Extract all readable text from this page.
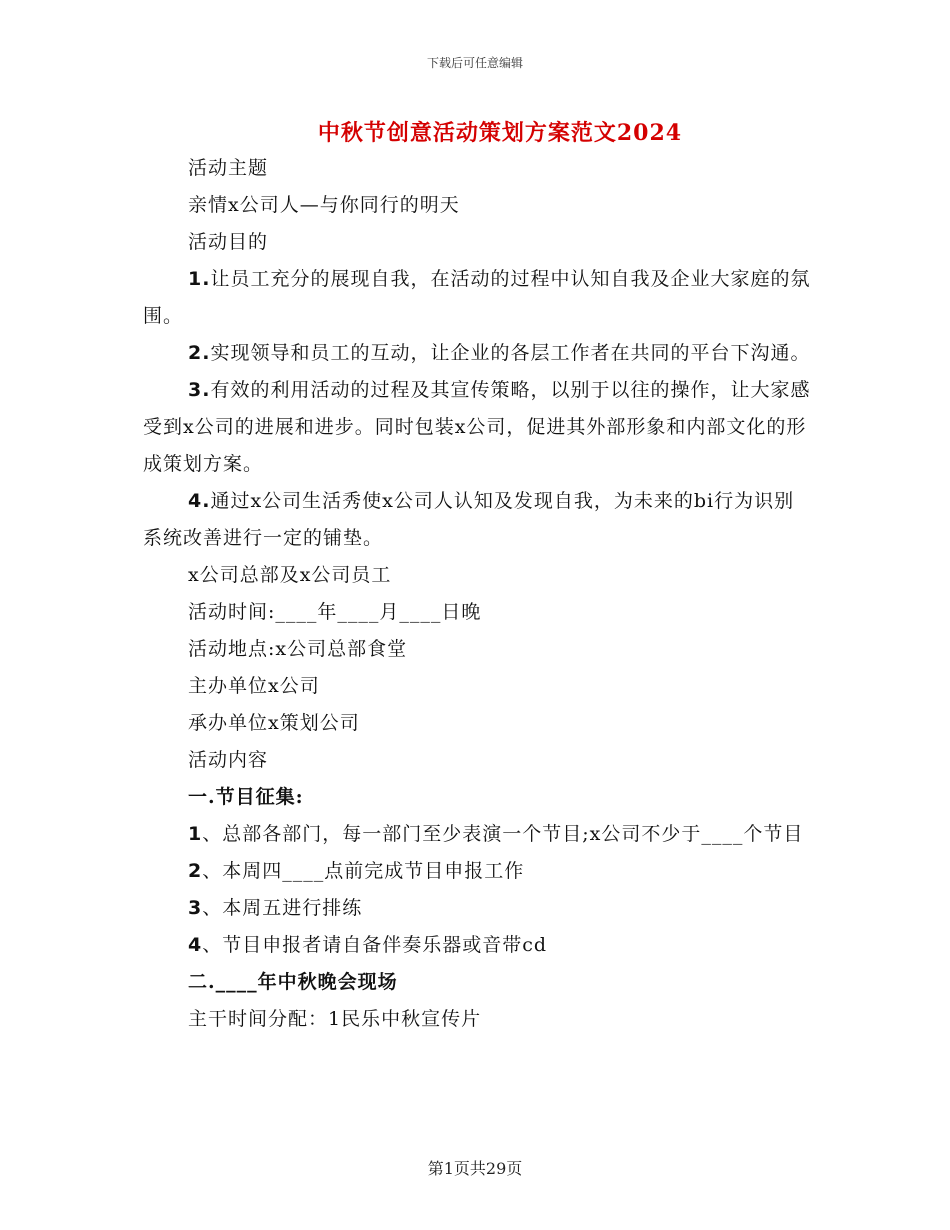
下载后可任意编辑
中秋节创意活动策划方案范文2024

活动主题

亲情x公司人—与你同行的明天

活动目的

1.让员工充分的展现自我，在活动的过程中认知自我及企业大家庭的氛围。

2.实现领导和员工的互动，让企业的各层工作者在共同的平台下沟通。

3.有效的利用活动的过程及其宣传策略，以别于以往的操作，让大家感受到x公司的进展和进步。同时包装x公司，促进其外部形象和内部文化的形成策划方案。

4.通过x公司生活秀使x公司人认知及发现自我，为未来的bi行为识别系统改善进行一定的铺垫。

x公司总部及x公司员工

活动时间:____年____月____日晚

活动地点:x公司总部食堂

主办单位x公司

承办单位x策划公司

活动内容

一.节目征集:

1、总部各部门，每一部门至少表演一个节目;x公司不少于____个节目

2、本周四____点前完成节目申报工作

3、本周五进行排练

4、节目申报者请自备伴奏乐器或音带cd

二.____年中秋晚会现场

主干时间分配：1民乐中秋宣传片

第1页共29页
